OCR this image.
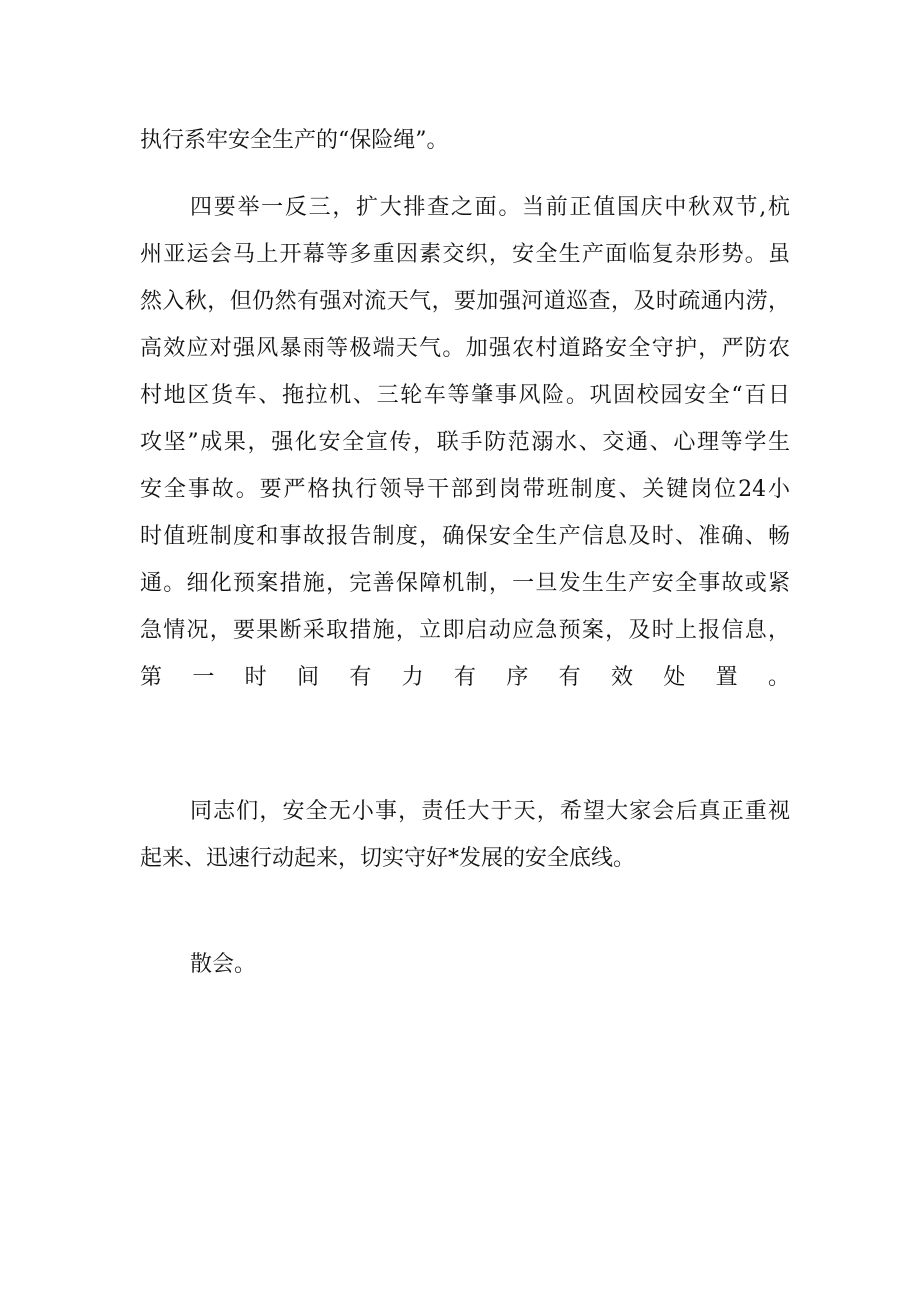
执行系牢安全生产的“保险绳”。
四要举一反三，扩大排查之面。当前正值国庆中秋双节,杭
州亚运会马上开幕等多重因素交织，安全生产面临复杂形势。虽
然入秋，但仍然有强对流天气，要加强河道巡查，及时疏通内涝，
高效应对强风暴雨等极端天气。加强农村道路安全守护，严防农
村地区货车、拖拉机、三轮车等肇事风险。巩固校园安全“百日
攻坚”成果，强化安全宣传，联手防范溺水、交通、心理等学生
安全事故。要严格执行领导干部到岗带班制度、关键岗位24小
时值班制度和事故报告制度，确保安全生产信息及时、准确、畅
通。细化预案措施，完善保障机制，一旦发生生产安全事故或紧
急情况，要果断采取措施，立即启动应急预案，及时上报信息，
第一时间有力有序有效处置。
同志们，安全无小事，责任大于天，希望大家会后真正重视
起来、迅速行动起来，切实守好*发展的安全底线。
散会。
